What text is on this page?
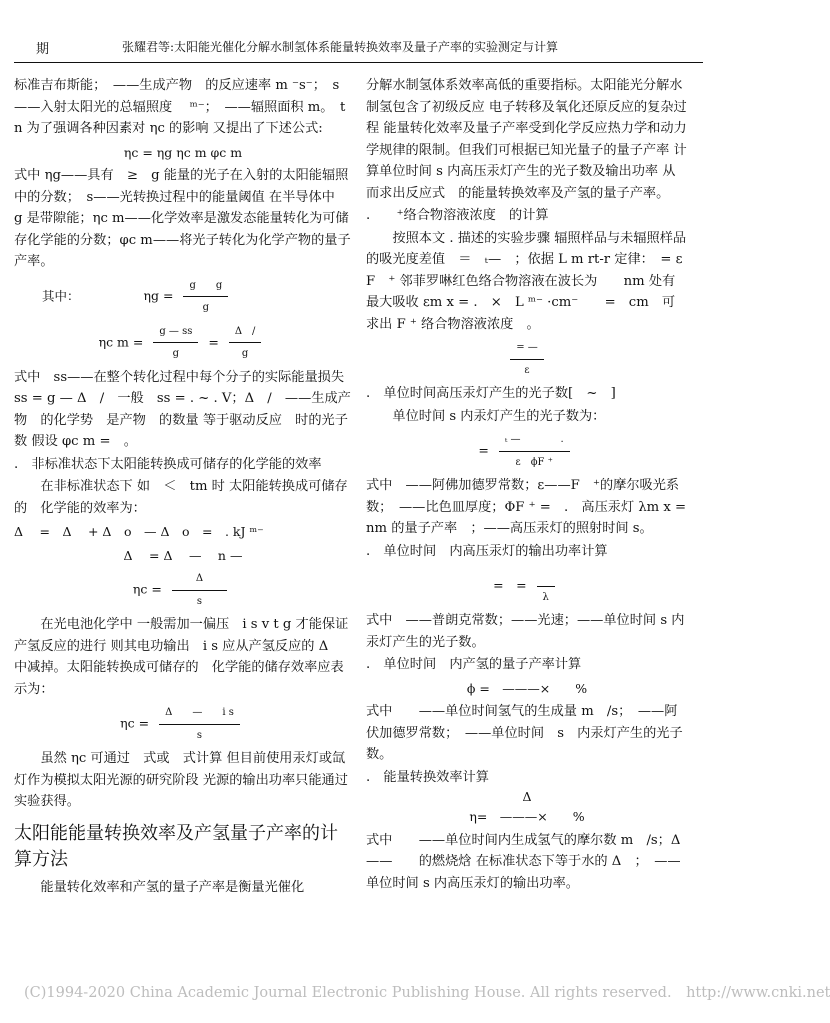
期	张耀君等:太阳能光催化分解水制氢体系能量转换效率及量子产率的实验测定与计算

标准吉布斯能；　——生成产物　的反应速率 m ⁻s⁻；　s——入射太阳光的总辐照度　 ᵐ⁻；　——辐照面积 m。　t n 为了强调各种因素对 ηc 的影响 又提出了下述公式:

ηc = ηg ηc m φc m

式中 ηg——具有　≥　g 能量的光子在入射的太阳能辐照中的分数；　s——光转换过程中的能量阈值 在半导体中　g 是带隙能；ηc m——化学效率是激发态能量转化为可储存化学能的分数；φc m——将光子转化为化学产物的量子产率。

其中：	$\eta g = \frac{\text{g　　g}}{g}$
ηc $m = \frac{g — ss}{g} = \frac{\Delta /}{g}$

式中　ss——在整个转化过程中每个分子的实际能量损失　ss = g — Δ　/　一般　ss = . ~ . V；Δ　/　——生成产物　的化学势　是产物　的数量 等于驱动反应　时的光子数 假设 φc m =　。

.　非标准状态下太阳能转换成可储存的化学能的效率

在非标准状态下 如　＜　tm 时 太阳能转换成可储存的　化学能的效率为：

Δ　 =　Δ　 + Δ　o　— Δ　o　=　. kJ ᵐ⁻
Δ　 = Δ　 —　 n —
$\eta c = \frac{\Delta}{s}$

在光电池化学中 一般需加一偏压　i s v t g 才能保证产氢反应的进行 则其电功输出　i s 应从产氢反应的 Δ　中减掉。太阳能转换成可储存的　化学能的储存效率应表示为：

$\eta c = \frac{\text{Δ　　—　　i s}}{s}$

虽然 ηc 可通过　式或　式计算 但目前使用汞灯或氙灯作为模拟太阳光源的研究阶段 光源的输出功率只能通过实验获得。

太阳能能量转换效率及产氢量子产率的计算方法

能量转化效率和产氢的量子产率是衡量光催化

分解水制氢体系效率高低的重要指标。太阳能光分解水制氢包含了初级反应 电子转移及氧化还原反应的复杂过程 能量转化效率及量子产率受到化学反应热力学和动力学规律的限制。但我们可根据已知光量子的量子产率 计算单位时间 s 内高压汞灯产生的光子数及输出功率 从而求出反应式　的能量转换效率及产氢的量子产率。

.　　⁺络合物溶液浓度　的计算

按照本文 . 描述的实验步骤 辐照样品与未辐照样品的吸光度差值　＝　ₜ—　；依据 L m rt-r 定律：　= ε　F　⁺ 邻菲罗啉红色络合物溶液在波长为　　nm 处有最大吸收 εm x = .　×　L ᵐ⁻ ·cm⁻　　=　cm　可求出 F ⁺ 络合物溶液浓度　。

$\frac{= —}{\varepsilon}$

.　单位时间高压汞灯产生的光子数[　~　]

单位时间 s 内汞灯产生的光子数为：

= $\frac{\text{ₜ —　　　　.}}{\text{ε　ϕF ⁺}}$

式中　——阿佛加德罗常数；ε——F　⁺的摩尔吸光系数；　——比色皿厚度；ΦF ⁺ =　.　高压汞灯 λm x =　　nm 的量子产率　；——高压汞灯的照射时间 s。

.　单位时间　内高压汞灯的输出功率计算

=　=
λ

式中　——普朗克常数；——光速；——单位时间 s 内汞灯产生的光子数。

.　单位时间　内产氢的量子产率计算

ϕ =　———×　　%

式中　　——单位时间氢气的生成量 m　/s；　——阿伏加德罗常数；　——单位时间　s　内汞灯产生的光子数。

.　能量转换效率计算

Δ
η=　———×　　%

式中　　——单位时间内生成氢气的摩尔数 m　/s；Δ　　——　　的燃烧焓 在标准状态下等于水的 Δ　；　——单位时间 s 内高压汞灯的输出功率。

(C)1994-2020 China Academic Journal Electronic Publishing House. All rights reserved.　http://www.cnki.net
